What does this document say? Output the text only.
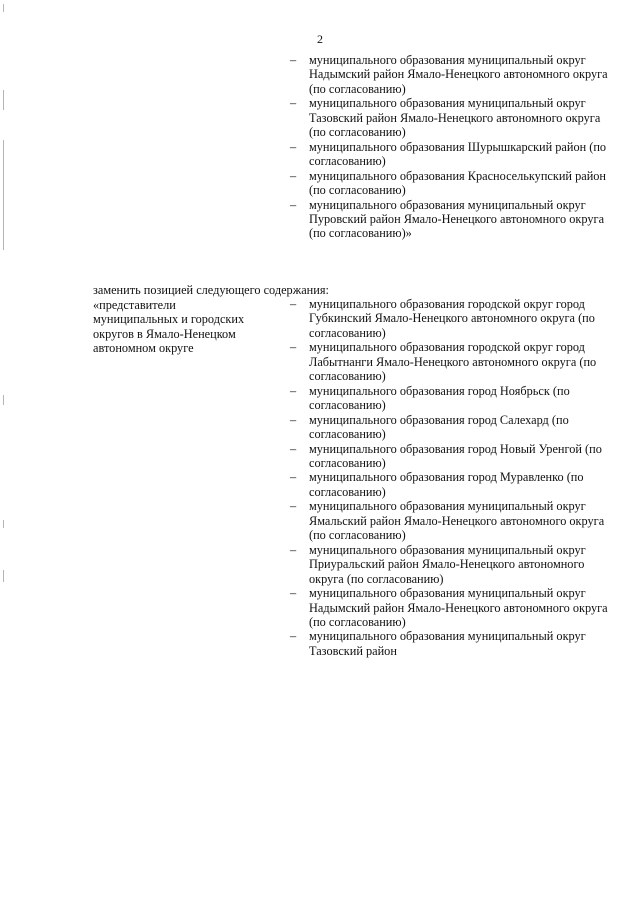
2
– муниципального образования муниципальный округ Надымский район Ямало-Ненецкого автономного округа (по согласованию)
– муниципального образования муниципальный округ Тазовский район Ямало-Ненецкого автономного округа (по согласованию)
– муниципального образования Шурышкарский район (по согласованию)
– муниципального образования Красноселькупский район (по согласованию)
– муниципального образования муниципальный округ Пуровский район Ямало-Ненецкого автономного округа (по согласованию)»
заменить позицией следующего содержания:
«представители
муниципальных и городских
округов в Ямало-Ненецком
автономном округе
– муниципального образования городской округ город Губкинский Ямало-Ненецкого автономного округа (по согласованию)
– муниципального образования городской округ город Лабытнанги Ямало-Ненецкого автономного округа (по согласованию)
– муниципального образования город Ноябрьск (по согласованию)
– муниципального образования город Салехард (по согласованию)
– муниципального образования город Новый Уренгой (по согласованию)
– муниципального образования город Муравленко (по согласованию)
– муниципального образования муниципальный округ Ямальский район Ямало-Ненецкого автономного округа (по согласованию)
– муниципального образования муниципальный округ Приуральский район Ямало-Ненецкого автономного округа (по согласованию)
– муниципального образования муниципальный округ Надымский район Ямало-Ненецкого автономного округа (по согласованию)
– муниципального образования муниципальный округ Тазовский район
